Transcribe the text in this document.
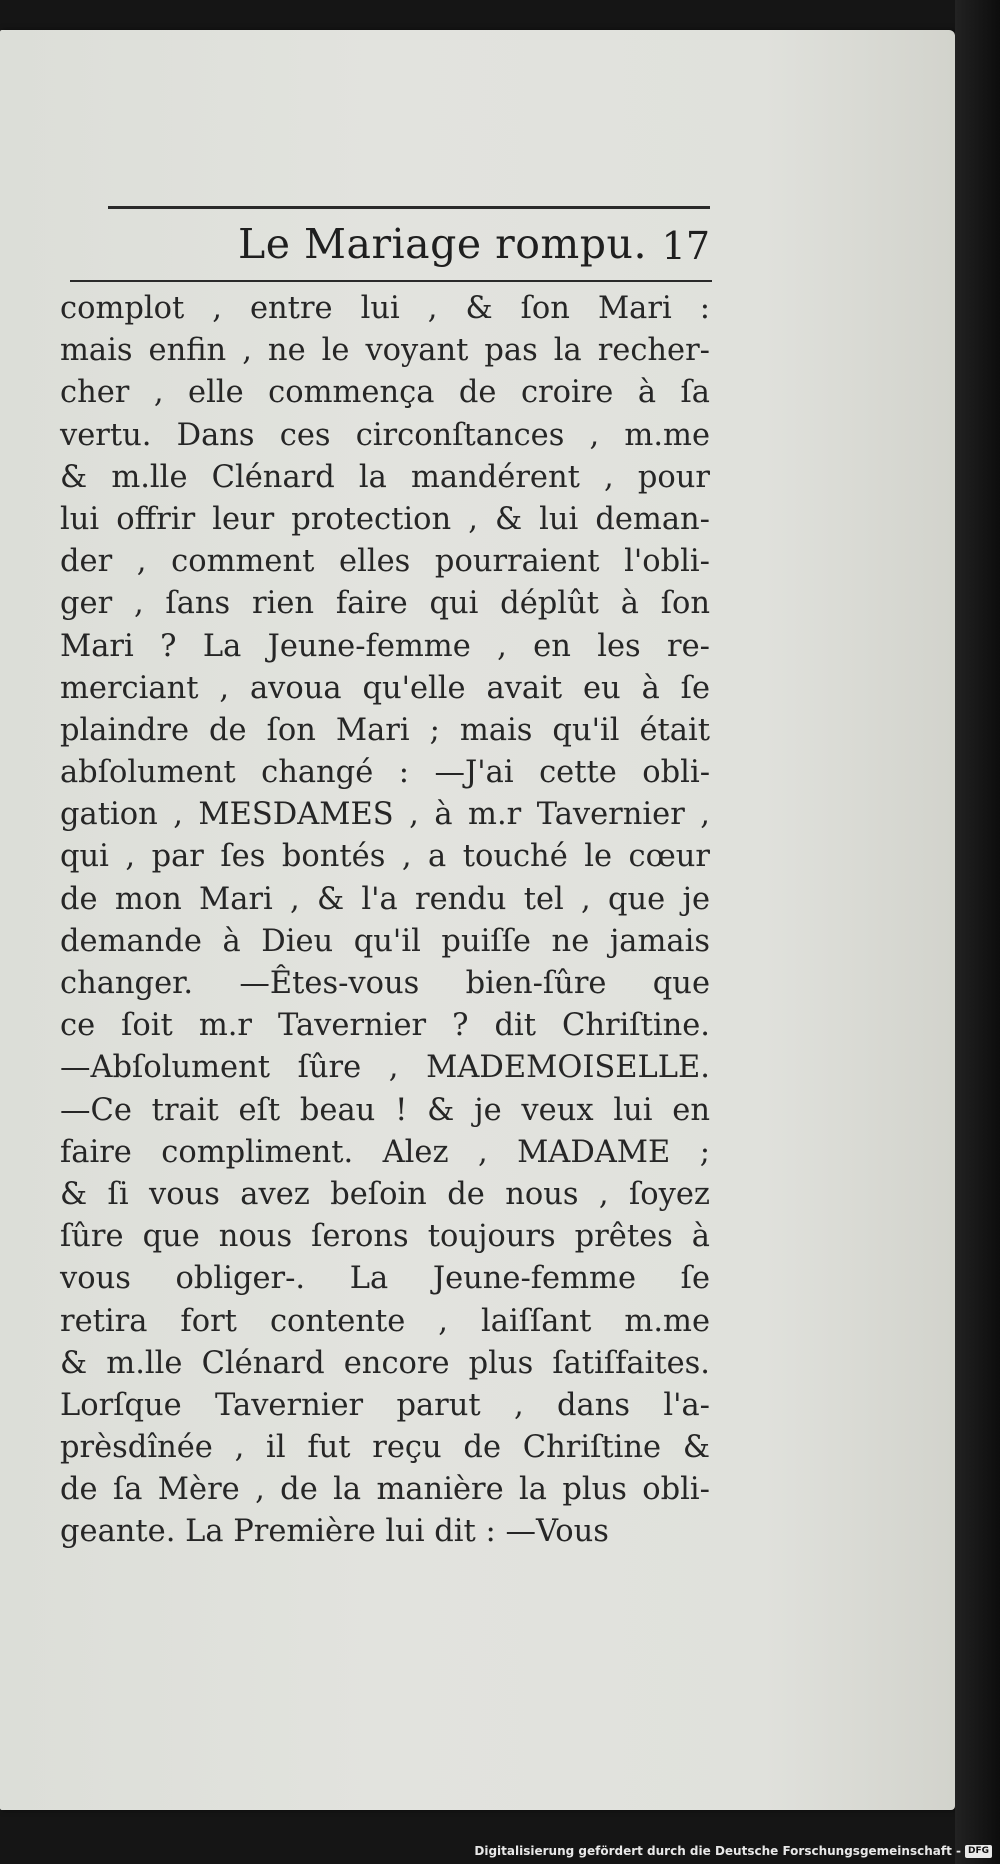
Le Mariage rompu. 17
complot , entre lui , & ſon Mari :
mais enfin , ne le voyant pas la recher-
cher , elle commença de croire à ſa
vertu. Dans ces circonſtances , m.me
& m.lle Clénard la mandérent , pour
lui offrir leur protection , & lui deman-
der , comment elles pourraient l'obli-
ger , ſans rien faire qui déplût à ſon
Mari ? La Jeune-femme , en les re-
merciant , avoua qu'elle avait eu à ſe
plaindre de ſon Mari ; mais qu'il était
abſolument changé : —J'ai cette obli-
gation , MESDAMES , à m.r Tavernier ,
qui , par ſes bontés , a touché le cœur
de mon Mari , & l'a rendu tel , que je
demande à Dieu qu'il puiſſe ne jamais
changer. —Êtes-vous bien-ſûre que
ce ſoit m.r Tavernier ? dit Chriſtine.
—Abſolument ſûre , MADEMOISELLE.
—Ce trait eſt beau ! & je veux lui en
faire compliment. Alez , MADAME ;
& ſi vous avez beſoin de nous , ſoyez
ſûre que nous ſerons toujours prêtes à
vous obliger-. La Jeune-femme ſe
retira fort contente , laiſſant m.me
& m.lle Clénard encore plus ſatiſfaites.
Lorſque Tavernier parut , dans l'a-
prèsdînée , il fut reçu de Chriſtine &
de ſa Mère , de la manière la plus obli-
geante. La Première lui dit : —Vous
Digitalisierung gefördert durch die Deutsche Forschungsgemeinschaft - DFG
